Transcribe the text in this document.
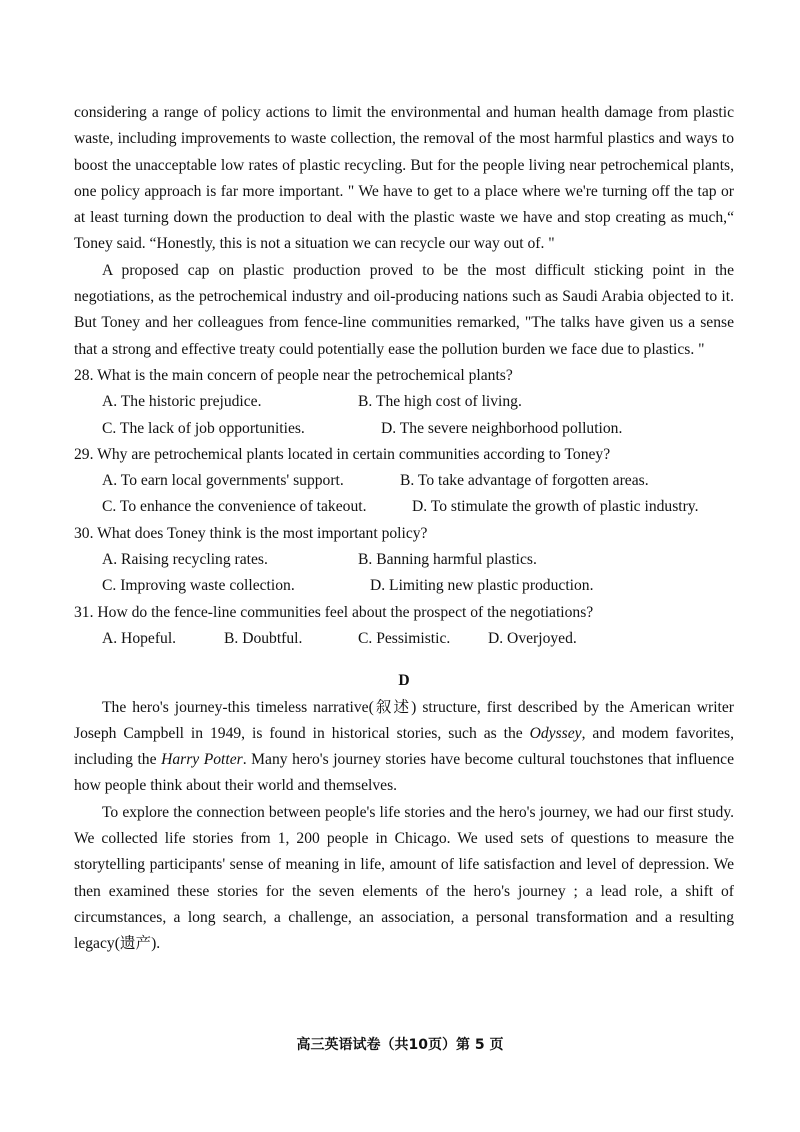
considering a range of policy actions to limit the environmental and human health damage from plastic waste, including improvements to waste collection, the removal of the most harmful plastics and ways to boost the unacceptable low rates of plastic recycling. But for the people living near petrochemical plants, one policy approach is far more important. " We have to get to a place where we're turning off the tap or at least turning down the production to deal with the plastic waste we have and stop creating as much,“ Toney said. “Honestly, this is not a situation we can recycle our way out of. "

A proposed cap on plastic production proved to be the most difficult sticking point in the negotiations, as the petrochemical industry and oil-producing nations such as Saudi Arabia objected to it. But Toney and her colleagues from fence-line communities remarked, "The talks have given us a sense that a strong and effective treaty could potentially ease the pollution burden we face due to plastics. "

28. What is the main concern of people near the petrochemical plants?
A. The historic prejudice.	B. The high cost of living.
C. The lack of job opportunities.	D. The severe neighborhood pollution.
29. Why are petrochemical plants located in certain communities according to Toney?
A. To earn local governments' support.	B. To take advantage of forgotten areas.
C. To enhance the convenience of takeout.	D. To stimulate the growth of plastic industry.
30. What does Toney think is the most important policy?
A. Raising recycling rates.	B. Banning harmful plastics.
C. Improving waste collection.	D. Limiting new plastic production.
31. How do the fence-line communities feel about the prospect of the negotiations?
A. Hopeful.	B. Doubtful.	C. Pessimistic. D. Overjoyed.
D

The hero's journey-this timeless narrative(叙述) structure, first described by the American writer Joseph Campbell in 1949, is found in historical stories, such as the Odyssey, and modem favorites, including the Harry Potter. Many hero's journey stories have become cultural touchstones that influence how people think about their world and themselves.

To explore the connection between people's life stories and the hero's journey, we had our first study. We collected life stories from 1, 200 people in Chicago. We used sets of questions to measure the storytelling participants' sense of meaning in life, amount of life satisfaction and level of depression. We then examined these stories for the seven elements of the hero's journey ; a lead role, a shift of circumstances, a long search, a challenge, an association, a personal transformation and a resulting legacy(遗产).

高三英语试卷（共10页）第 5 页
